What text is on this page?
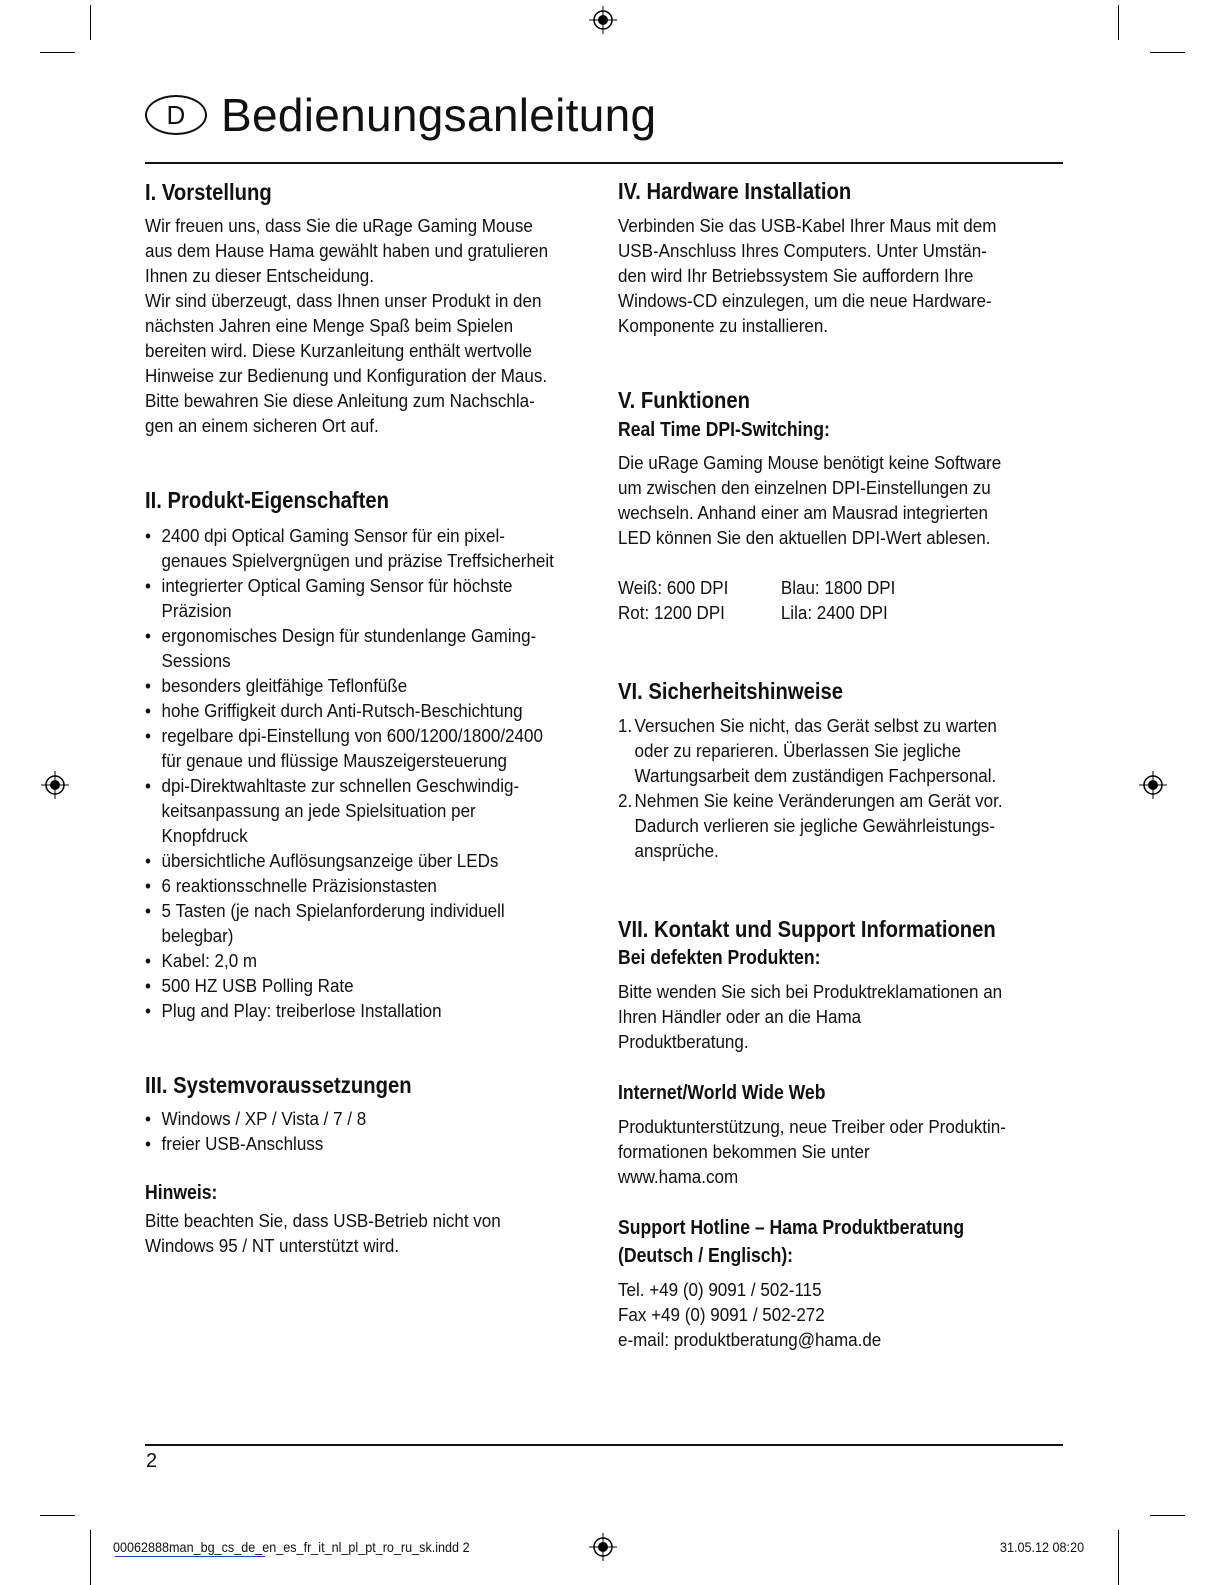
D Bedienungsanleitung
I. Vorstellung
Wir freuen uns, dass Sie die uRage Gaming Mouse
aus dem Hause Hama gewählt haben und gratulieren
Ihnen zu dieser Entscheidung.
Wir sind überzeugt, dass Ihnen unser Produkt in den
nächsten Jahren eine Menge Spaß beim Spielen
bereiten wird. Diese Kurzanleitung enthält wertvolle
Hinweise zur Bedienung und Konfiguration der Maus.
Bitte bewahren Sie diese Anleitung zum Nachschla-
gen an einem sicheren Ort auf.
II. Produkt-Eigenschaften
• 2400 dpi Optical Gaming Sensor für ein pixel-
genaues Spielvergnügen und präzise Treffsicherheit
• integrierter Optical Gaming Sensor für höchste
Präzision
• ergonomisches Design für stundenlange Gaming-
Sessions
• besonders gleitfähige Teflonfüße
• hohe Griffigkeit durch Anti-Rutsch-Beschichtung
• regelbare dpi-Einstellung von 600/1200/1800/2400
für genaue und flüssige Mauszeigersteuerung
• dpi-Direktwahltaste zur schnellen Geschwindig-
keitsanpassung an jede Spielsituation per
Knopfdruck
• übersichtliche Auflösungsanzeige über LEDs
• 6 reaktionsschnelle Präzisionstasten
• 5 Tasten (je nach Spielanforderung individuell
belegbar)
• Kabel: 2,0 m
• 500 HZ USB Polling Rate
• Plug and Play: treiberlose Installation
III. Systemvoraussetzungen
• Windows / XP / Vista / 7 / 8
• freier USB-Anschluss
Hinweis:
Bitte beachten Sie, dass USB-Betrieb nicht von
Windows 95 / NT unterstützt wird.
IV. Hardware Installation
Verbinden Sie das USB-Kabel Ihrer Maus mit dem
USB-Anschluss Ihres Computers. Unter Umstän-
den wird Ihr Betriebssystem Sie auffordern Ihre
Windows-CD einzulegen, um die neue Hardware-
Komponente zu installieren.
V. Funktionen
Real Time DPI-Switching:
Die uRage Gaming Mouse benötigt keine Software
um zwischen den einzelnen DPI-Einstellungen zu
wechseln. Anhand einer am Mausrad integrierten
LED können Sie den aktuellen DPI-Wert ablesen.
Weiß: 600 DPI	Blau: 1800 DPI
Rot: 1200 DPI	Lila: 2400 DPI
VI. Sicherheitshinweise
1. Versuchen Sie nicht, das Gerät selbst zu warten
oder zu reparieren. Überlassen Sie jegliche
Wartungsarbeit dem zuständigen Fachpersonal.
2. Nehmen Sie keine Veränderungen am Gerät vor.
Dadurch verlieren sie jegliche Gewährleistungs-
ansprüche.
VII. Kontakt und Support Informationen
Bei defekten Produkten:
Bitte wenden Sie sich bei Produktreklamationen an
Ihren Händler oder an die Hama
Produktberatung.
Internet/World Wide Web
Produktunterstützung, neue Treiber oder Produktin-
formationen bekommen Sie unter
www.hama.com
Support Hotline – Hama Produktberatung
(Deutsch / Englisch):
Tel. +49 (0) 9091 / 502-115
Fax +49 (0) 9091 / 502-272
e-mail: produktberatung@hama.de
2
00062888man_bg_cs_de_en_es_fr_it_nl_pl_pt_ro_ru_sk.indd 2	31.05.12 08:20
